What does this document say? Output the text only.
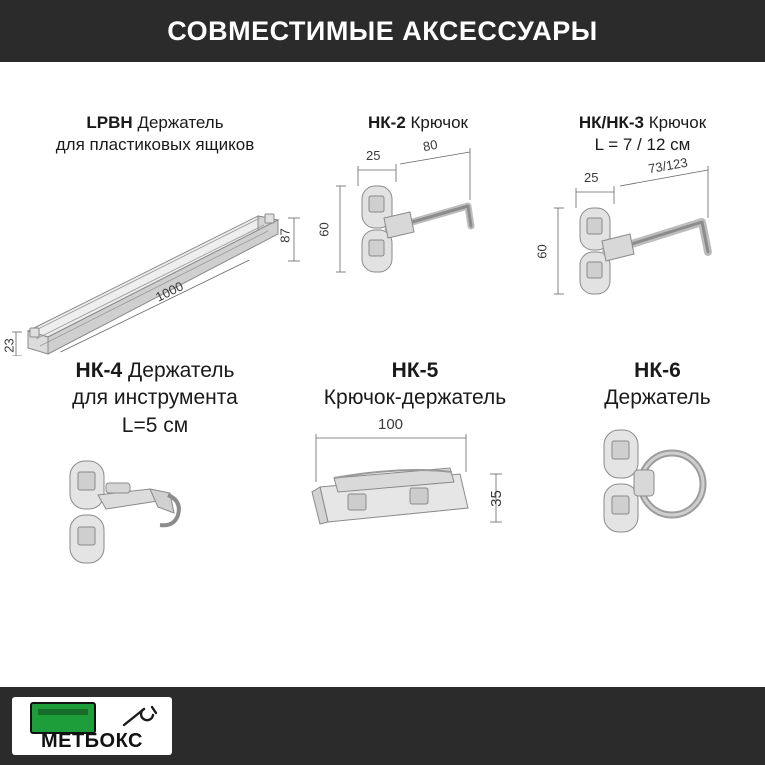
СОВМЕСТИМЫЕ АКСЕССУАРЫ
LPBH Держатель
для пластиковых ящиков
87
1000
23
НК-2 Крючок
25
80
60
НК/НК-3 Крючок
L = 7 / 12 см
25
73/123
60
НК-4 Держатель
для инструмента
L=5 см
НК-5
Крючок-держатель
100
35
НК-6
Держатель
МЕТБОКС
